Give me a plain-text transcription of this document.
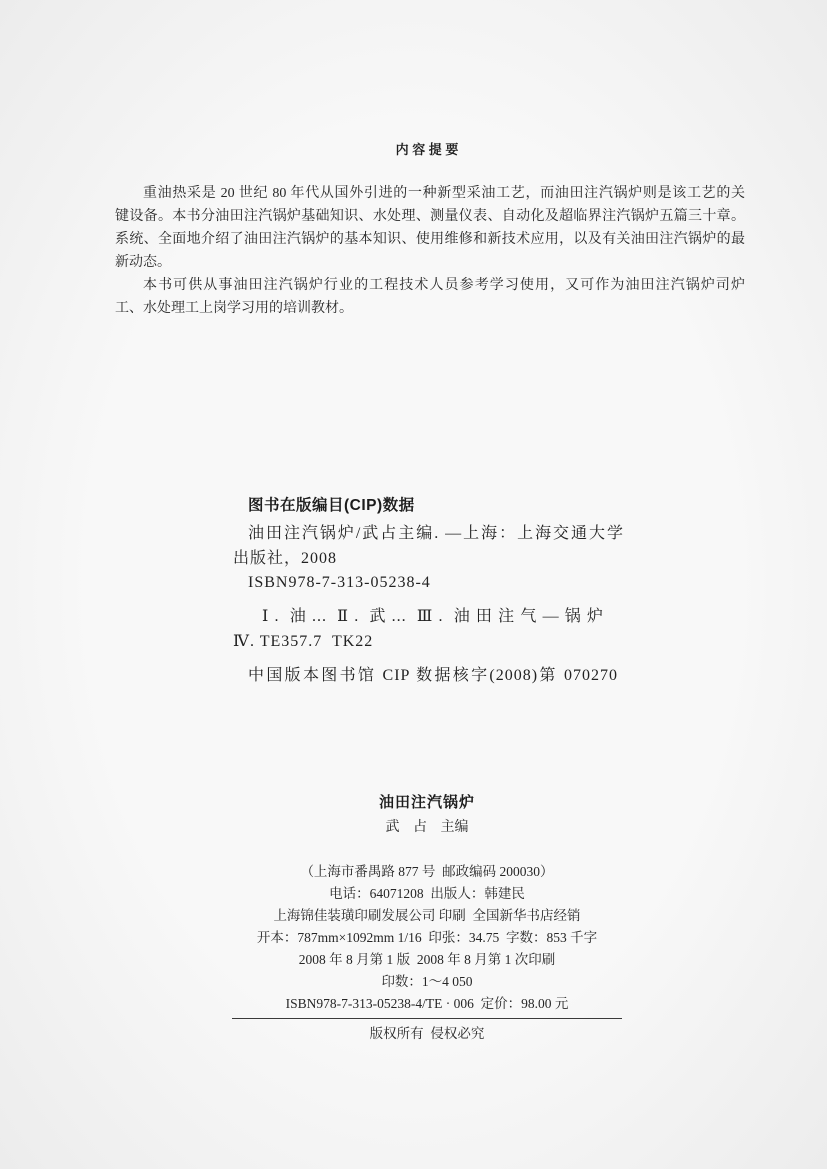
内 容 提 要
重油热采是 20 世纪 80 年代从国外引进的一种新型采油工艺，而油田注汽锅炉则是该工艺的关
键设备。本书分油田注汽锅炉基础知识、水处理、测量仪表、自动化及超临界注汽锅炉五篇三十章。
系统、全面地介绍了油田注汽锅炉的基本知识、使用维修和新技术应用，以及有关油田注汽锅炉的最
新动态。
本书可供从事油田注汽锅炉行业的工程技术人员参考学习使用，又可作为油田注汽锅炉司炉
工、水处理工上岗学习用的培训教材。
图书在版编目(CIP)数据
油田注汽锅炉/武占主编. —上海：上海交通大学
出版社，2008
ISBN978-7-313-05238-4
Ⅰ. 油... Ⅱ. 武... Ⅲ. 油田注气—锅炉
Ⅳ. TE357.7  TK22
中国版本图书馆 CIP 数据核字(2008)第 070270
油田注汽锅炉
武 占 主编

（上海市番禺路 877 号  邮政编码 200030）
电话：64071208  出版人：韩建民
上海锦佳装璜印刷发展公司 印刷  全国新华书店经销
开本：787mm×1092mm 1/16  印张：34.75  字数：853 千字
2008 年 8 月第 1 版  2008 年 8 月第 1 次印刷
印数：1～4 050
ISBN978-7-313-05238-4/TE · 006  定价：98.00 元
版权所有  侵权必究
